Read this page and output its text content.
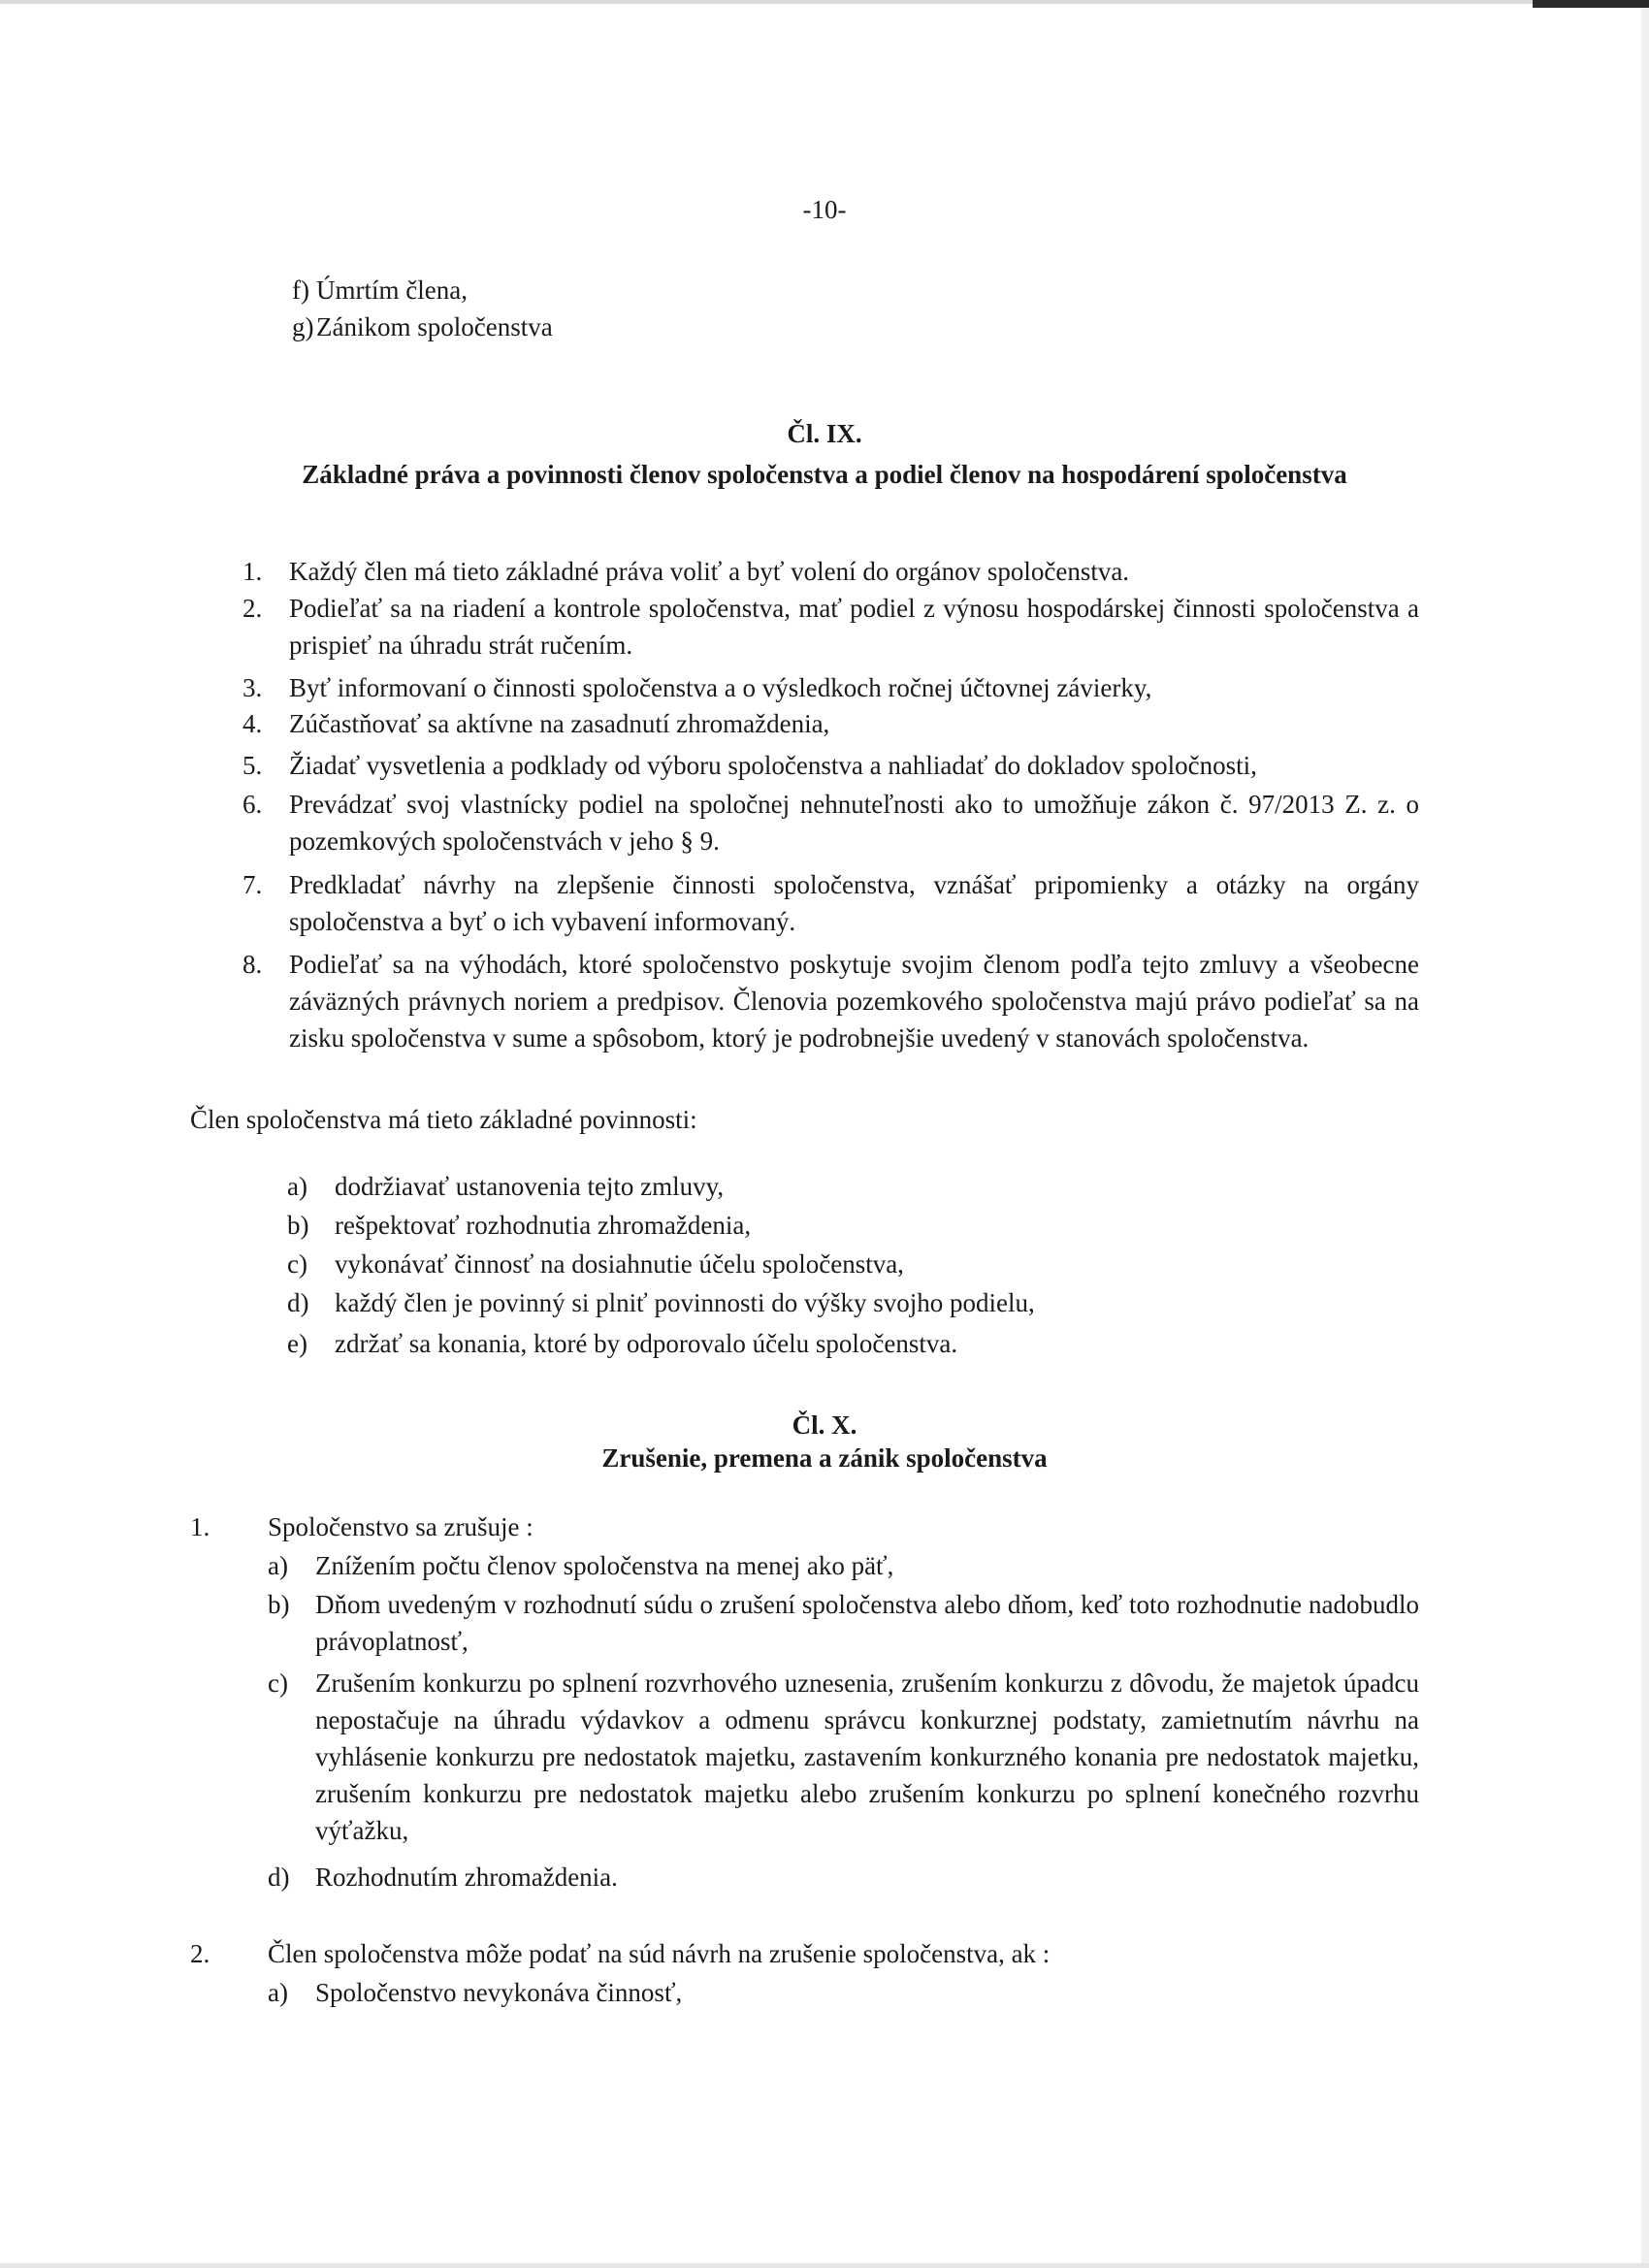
-10-
f) Úmrtím člena,
g) Zánikom spoločenstva
Čl. IX.
Základné práva a povinnosti členov spoločenstva a podiel členov na hospodárení spoločenstva
1. Každý člen má tieto základné práva voliť a byť volení do orgánov spoločenstva.
2. Podieľať sa na riadení a kontrole spoločenstva, mať podiel z výnosu hospodárskej činnosti spoločenstva a prispieť na úhradu strát ručením.
3. Byť informovaní o činnosti spoločenstva a o výsledkoch ročnej účtovnej závierky,
4. Zúčastňovať sa aktívne na zasadnutí zhromaždenia,
5. Žiadať vysvetlenia a podklady od výboru spoločenstva a nahliadať do dokladov spoločnosti,
6. Prevádzať svoj vlastnícky podiel na spoločnej nehnuteľnosti ako to umožňuje zákon č. 97/2013 Z. z. o pozemkových spoločenstvách v jeho § 9.
7. Predkladať návrhy na zlepšenie činnosti spoločenstva, vznášať pripomienky a otázky na orgány spoločenstva a byť o ich vybavení informovaný.
8. Podieľať sa na výhodách, ktoré spoločenstvo poskytuje svojim členom podľa tejto zmluvy a všeobecne záväzných právnych noriem a predpisov. Členovia pozemkového spoločenstva majú právo podieľať sa na zisku spoločenstva v sume a spôsobom, ktorý je podrobnejšie uvedený v stanovách spoločenstva.
Člen spoločenstva má tieto základné povinnosti:
a) dodržiavať ustanovenia tejto zmluvy,
b) rešpektovať rozhodnutia zhromaždenia,
c) vykonávať činnosť na dosiahnutie účelu spoločenstva,
d) každý člen je povinný si plniť povinnosti do výšky svojho podielu,
e) zdržať sa konania, ktoré by odporovalo účelu spoločenstva.
Čl. X.
Zrušenie, premena a zánik spoločenstva
1. Spoločenstvo sa zrušuje :
a) Znížením počtu členov spoločenstva na menej ako päť,
b) Dňom uvedeným v rozhodnutí súdu o zrušení spoločenstva alebo dňom, keď toto rozhodnutie nadobudlo právoplatnosť,
c) Zrušením konkurzu po splnení rozvrhového uznesenia, zrušením konkurzu z dôvodu, že majetok úpadcu nepostačuje na úhradu výdavkov a odmenu správcu konkurznej podstaty, zamietnutím návrhu na vyhlásenie konkurzu pre nedostatok majetku, zastavením konkurzného konania pre nedostatok majetku, zrušením konkurzu pre nedostatok majetku alebo zrušením konkurzu po splnení konečného rozvrhu výťažku,
d) Rozhodnutím zhromaždenia.
2. Člen spoločenstva môže podať na súd návrh na zrušenie spoločenstva, ak :
a) Spoločenstvo nevykonáva činnosť,
